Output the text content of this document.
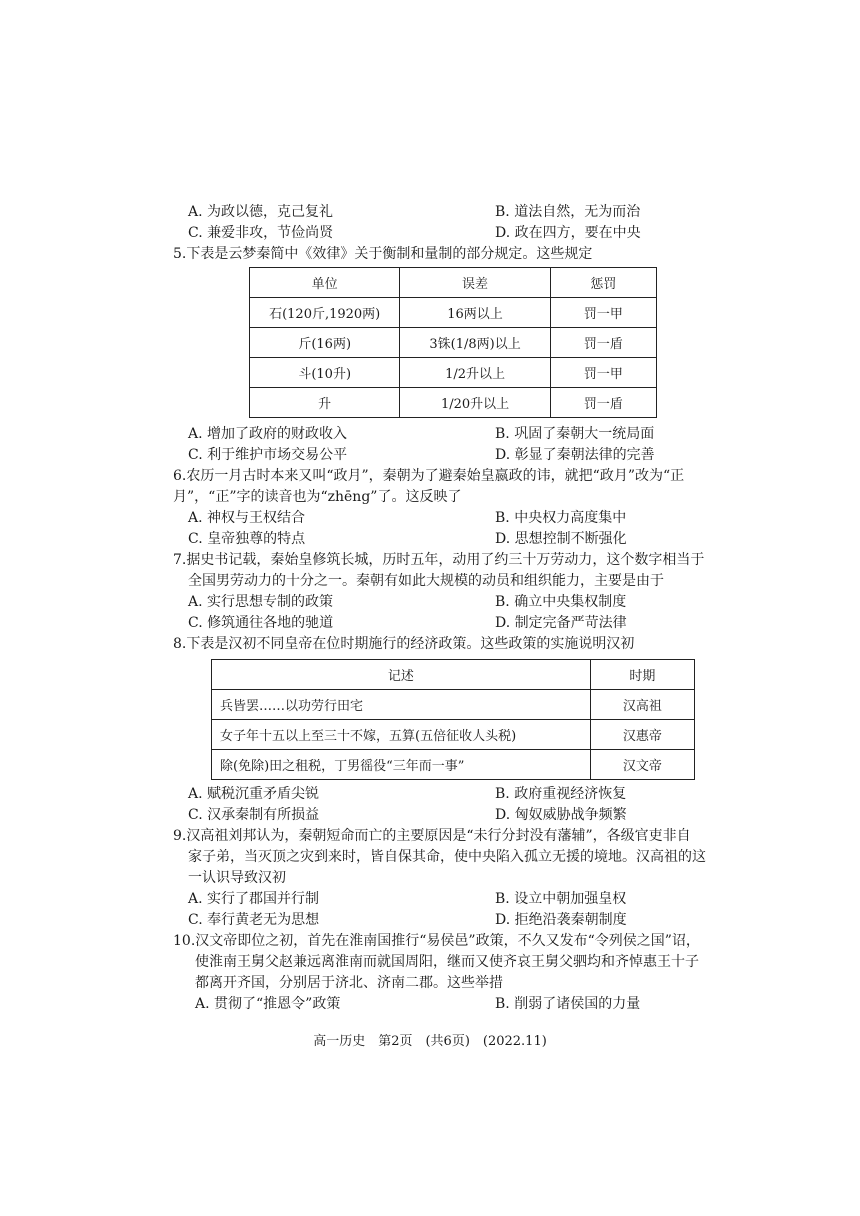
A. 为政以德，克己复礼	B. 道法自然，无为而治
C. 兼爱非攻，节俭尚贤	D. 政在四方，要在中央
5.下表是云梦秦简中《效律》关于衡制和量制的部分规定。这些规定
单位	误差	惩罚
石(120斤,1920两)	16两以上	罚一甲
斤(16两)	3铢(1/8两)以上	罚一盾
斗(10升)	1/2升以上	罚一甲
升	1/20升以上	罚一盾
A. 增加了政府的财政收入	B. 巩固了秦朝大一统局面
C. 利于维护市场交易公平	D. 彰显了秦朝法律的完善
6.农历一月古时本来又叫“政月”，秦朝为了避秦始皇嬴政的讳，就把“政月”改为“正
月”，“正”字的读音也为“zhēng”了。这反映了
A. 神权与王权结合	B. 中央权力高度集中
C. 皇帝独尊的特点	D. 思想控制不断强化
7.据史书记载，秦始皇修筑长城，历时五年，动用了约三十万劳动力，这个数字相当于
全国男劳动力的十分之一。秦朝有如此大规模的动员和组织能力，主要是由于
A. 实行思想专制的政策	B. 确立中央集权制度
C. 修筑通往各地的驰道	D. 制定完备严苛法律
8.下表是汉初不同皇帝在位时期施行的经济政策。这些政策的实施说明汉初
记述	时期
兵皆罢……以功劳行田宅	汉高祖
女子年十五以上至三十不嫁，五算(五倍征收人头税)	汉惠帝
除(免除)田之租税，丁男徭役“三年而一事”	汉文帝
A. 赋税沉重矛盾尖锐	B. 政府重视经济恢复
C. 汉承秦制有所损益	D. 匈奴威胁战争频繁
9.汉高祖刘邦认为，秦朝短命而亡的主要原因是“未行分封没有藩辅”，各级官吏非自
家子弟，当灭顶之灾到来时，皆自保其命，使中央陷入孤立无援的境地。汉高祖的这
一认识导致汉初
A. 实行了郡国并行制	B. 设立中朝加强皇权
C. 奉行黄老无为思想	D. 拒绝沿袭秦朝制度
10.汉文帝即位之初，首先在淮南国推行“易侯邑”政策，不久又发布“令列侯之国”诏，
使淮南王舅父赵兼远离淮南而就国周阳，继而又使齐哀王舅父驷均和齐悼惠王十子
都离开齐国，分别居于济北、济南二郡。这些举措
A. 贯彻了“推恩令”政策	B. 削弱了诸侯国的力量
高一历史　第2页　(共6页)　(2022.11)
